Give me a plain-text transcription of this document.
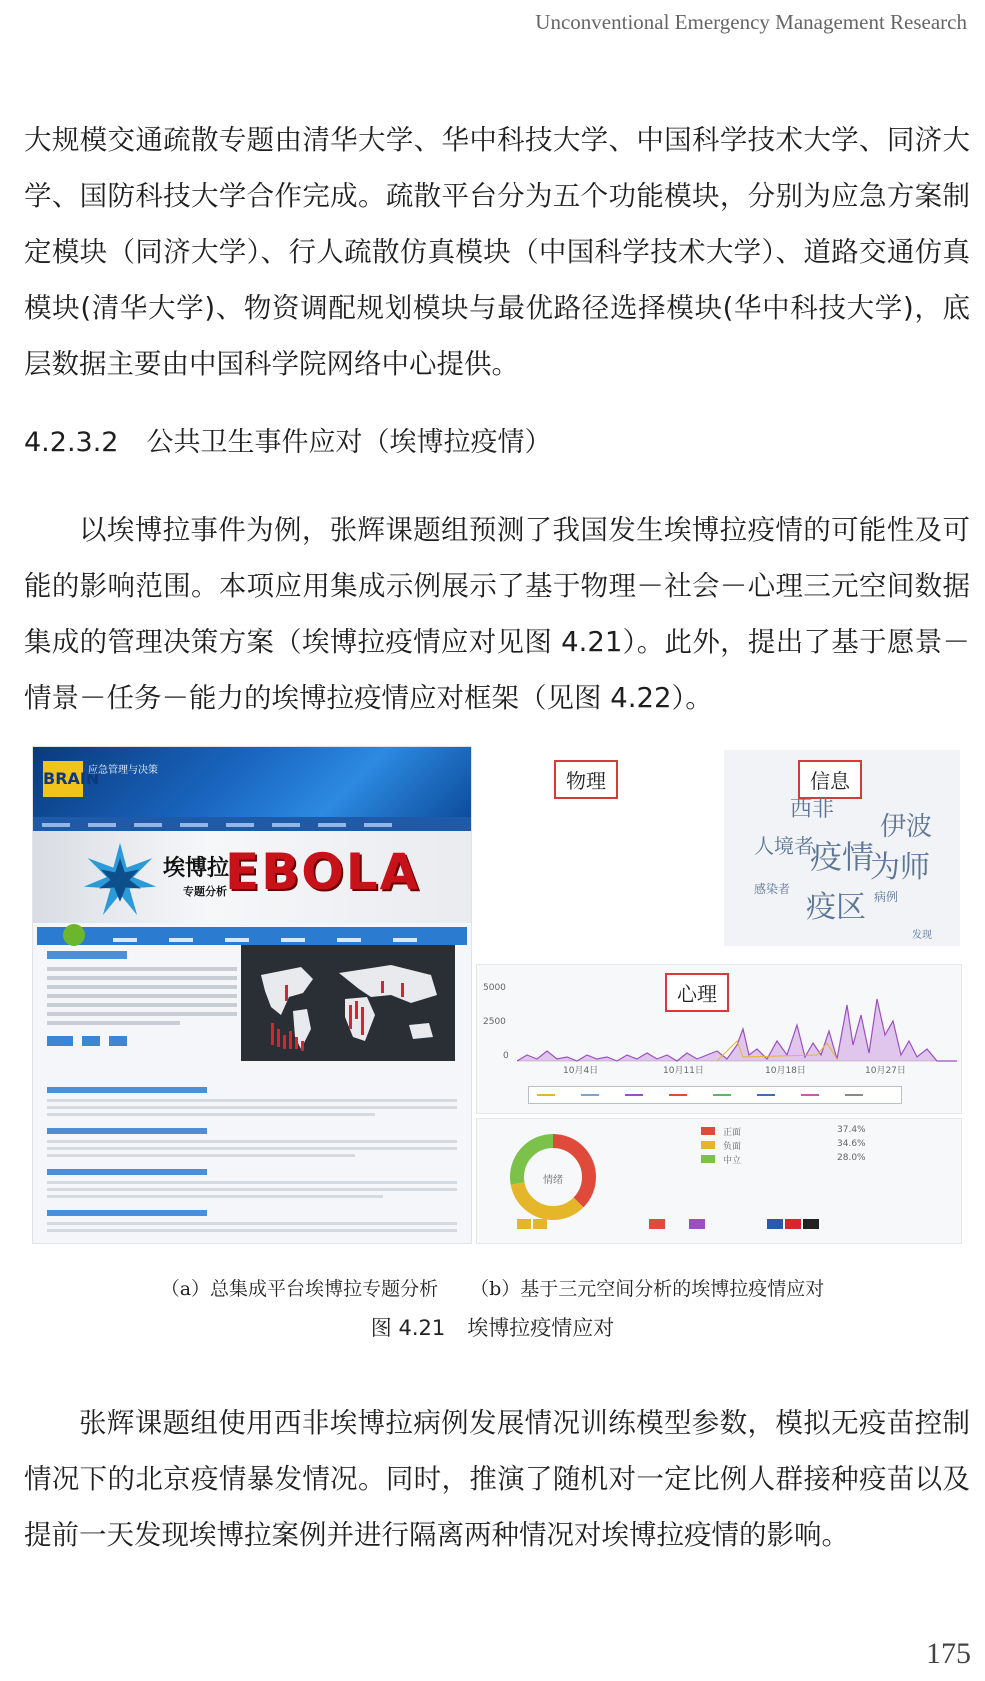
Unconventional Emergency Management Research

大规模交通疏散专题由清华大学、华中科技大学、中国科学技术大学、同济大学、国防科技大学合作完成。疏散平台分为五个功能模块，分别为应急方案制定模块（同济大学）、行人疏散仿真模块（中国科学技术大学）、道路交通仿真模块(清华大学)、物资调配规划模块与最优路径选择模块(华中科技大学)，底层数据主要由中国科学院网络中心提供。

4.2.3.2 公共卫生事件应对（埃博拉疫情）

以埃博拉事件为例，张辉课题组预测了我国发生埃博拉疫情的可能性及可能的影响范围。本项应用集成示例展示了基于物理－社会－心理三元空间数据集成的管理决策方案（埃博拉疫情应对见图 4.21）。此外，提出了基于愿景－情景－任务－能力的埃博拉疫情应对框架（见图 4.22）。

BRAIN
应急管理与决策
埃博拉
专题分析
EBOLA

物理	信息
西非
伊波
人境者
疫情
为师
疫区
感染者
病例
发现
心理
5000
2500
0
10月4日	10月11日	10月18日	10月27日
情绪
正面	37.4%
负面	34.6%
中立	28.0%
（a）总集成平台埃博拉专题分析 （b）基于三元空间分析的埃博拉疫情应对
图 4.21 埃博拉疫情应对

张辉课题组使用西非埃博拉病例发展情况训练模型参数，模拟无疫苗控制情况下的北京疫情暴发情况。同时，推演了随机对一定比例人群接种疫苗以及提前一天发现埃博拉案例并进行隔离两种情况对埃博拉疫情的影响。

175
